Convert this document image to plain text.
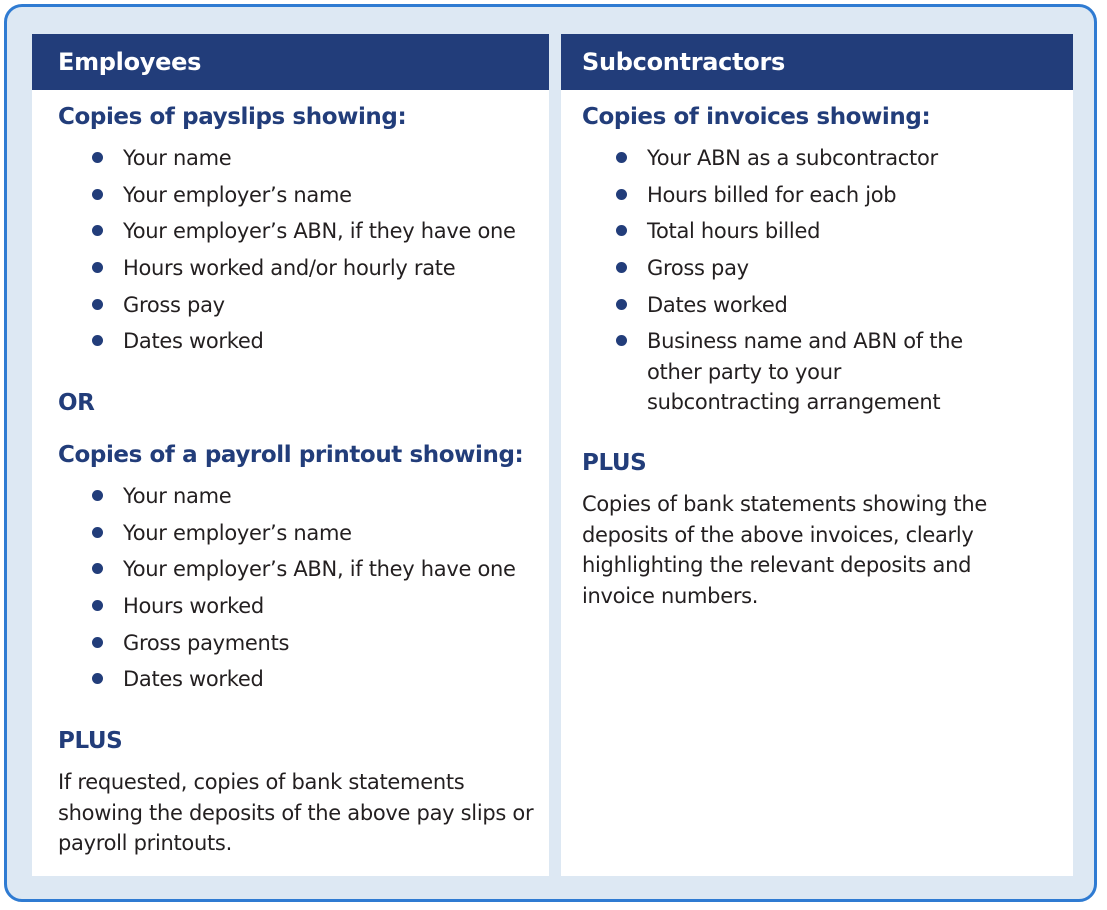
Employees
Copies of payslips showing:
Your name
Your employer’s name
Your employer’s ABN, if they have one
Hours worked and/or hourly rate
Gross pay
Dates worked
OR
Copies of a payroll printout showing:
Your name
Your employer’s name
Your employer’s ABN, if they have one
Hours worked
Gross payments
Dates worked
PLUS
If requested, copies of bank statements showing the deposits of the above pay slips or payroll printouts.
Subcontractors
Copies of invoices showing:
Your ABN as a subcontractor
Hours billed for each job
Total hours billed
Gross pay
Dates worked
Business name and ABN of the other party to your subcontracting arrangement
PLUS
Copies of bank statements showing the deposits of the above invoices, clearly highlighting the relevant deposits and invoice numbers.
